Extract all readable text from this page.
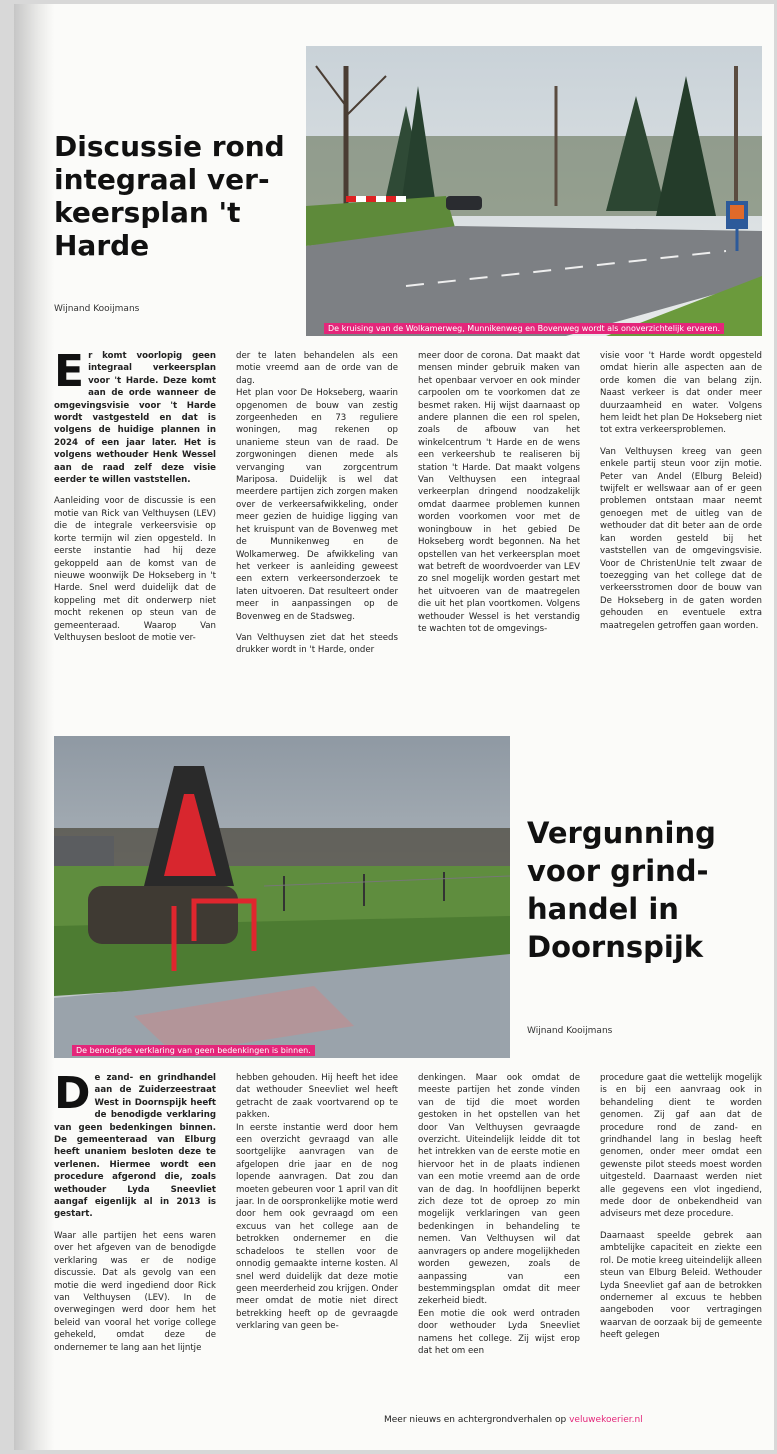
Discussie rond
integraal ver-
keersplan 't
Harde
Wijnand Kooijmans
De kruising van de Wolkamerweg, Munnikenweg en Bovenweg wordt als onoverzichtelijk ervaren.

Er komt voorlopig geen integraal verkeersplan voor 't Harde. Deze komt aan de orde wanneer de omgevingsvisie voor 't Harde wordt vastgesteld en dat is volgens de huidige plannen in 2024 of een jaar later. Het is volgens wethouder Henk Wessel aan de raad zelf deze visie eerder te willen vaststellen.

Aanleiding voor de discussie is een motie van Rick van Velthuysen (LEV) die de integrale verkeersvisie op korte termijn wil zien opgesteld. In eerste instantie had hij deze gekoppeld aan de komst van de nieuwe woonwijk De Hokseberg in 't Harde. Snel werd duidelijk dat de koppeling met dit onderwerp niet mocht rekenen op steun van de gemeenteraad. Waarop Van Velthuysen besloot de motie ver-

der te laten behandelen als een motie vreemd aan de orde van de dag.

Het plan voor De Hokseberg, waarin opgenomen de bouw van zestig zorgeenheden en 73 reguliere woningen, mag rekenen op unanieme steun van de raad. De zorgwoningen dienen mede als vervanging van zorgcentrum Mariposa. Duidelijk is wel dat meerdere partijen zich zorgen maken over de verkeersafwikkeling, onder meer gezien de huidige ligging van het kruispunt van de Bovenweg met de Munnikenweg en de Wolkamerweg. De afwikkeling van het verkeer is aanleiding geweest een extern verkeersonderzoek te laten uitvoeren. Dat resulteert onder meer in aanpassingen op de Bovenweg en de Stadsweg.

Van Velthuysen ziet dat het steeds drukker wordt in 't Harde, onder

meer door de corona. Dat maakt dat mensen minder gebruik maken van het openbaar vervoer en ook minder carpoolen om te voorkomen dat ze besmet raken. Hij wijst daarnaast op andere plannen die een rol spelen, zoals de afbouw van het winkelcentrum 't Harde en de wens een verkeershub te realiseren bij station 't Harde. Dat maakt volgens Van Velthuysen een integraal verkeerplan dringend noodzakelijk omdat daarmee problemen kunnen worden voorkomen voor met de woningbouw in het gebied De Hokseberg wordt begonnen. Na het opstellen van het verkeersplan moet wat betreft de woordvoerder van LEV zo snel mogelijk worden gestart met het uitvoeren van de maatregelen die uit het plan voortkomen. Volgens wethouder Wessel is het verstandig te wachten tot de omgevings-

visie voor 't Harde wordt opgesteld omdat hierin alle aspecten aan de orde komen die van belang zijn. Naast verkeer is dat onder meer duurzaamheid en water. Volgens hem leidt het plan De Hokseberg niet tot extra verkeersproblemen.

Van Velthuysen kreeg van geen enkele partij steun voor zijn motie. Peter van Andel (Elburg Beleid) twijfelt er wellswaar aan of er geen problemen ontstaan maar neemt genoegen met de uitleg van de wethouder dat dit beter aan de orde kan worden gesteld bij het vaststellen van de omgevingsvisie. Voor de ChristenUnie telt zwaar de toezegging van het college dat de verkeersstromen door de bouw van De Hokseberg in de gaten worden gehouden en eventuele extra maatregelen getroffen gaan worden.

De benodigde verklaring van geen bedenkingen is binnen.
Vergunning
voor grind-
handel in
Doornspijk
Wijnand Kooijmans

De zand- en grindhandel aan de Zuiderzeestraat West in Doornspijk heeft de benodigde verklaring van geen bedenkingen binnen. De gemeenteraad van Elburg heeft unaniem besloten deze te verlenen. Hiermee wordt een procedure afgerond die, zoals wethouder Lyda Sneevliet aangaf eigenlijk al in 2013 is gestart.

Waar alle partijen het eens waren over het afgeven van de benodigde verklaring was er de nodige discussie. Dat als gevolg van een motie die werd ingediend door Rick van Velthuysen (LEV). In de overwegingen werd door hem het beleid van vooral het vorige college gehekeld, omdat deze de ondernemer te lang aan het lijntje

hebben gehouden. Hij heeft het idee dat wethouder Sneevliet wel heeft getracht de zaak voortvarend op te pakken.

In eerste instantie werd door hem een overzicht gevraagd van alle soortgelijke aanvragen van de afgelopen drie jaar en de nog lopende aanvragen. Dat zou dan moeten gebeuren voor 1 april van dit jaar. In de oorspronkelijke motie werd door hem ook gevraagd om een excuus van het college aan de betrokken ondernemer en die schadeloos te stellen voor de onnodig gemaakte interne kosten. Al snel werd duidelijk dat deze motie geen meerderheid zou krijgen. Onder meer omdat de motie niet direct betrekking heeft op de gevraagde verklaring van geen be-

denkingen. Maar ook omdat de meeste partijen het zonde vinden van de tijd die moet worden gestoken in het opstellen van het door Van Velthuysen gevraagde overzicht. Uiteindelijk leidde dit tot het intrekken van de eerste motie en hiervoor het in de plaats indienen van een motie vreemd aan de orde van de dag. In hoofdlijnen beperkt zich deze tot de oproep zo min mogelijk verklaringen van geen bedenkingen in behandeling te nemen. Van Velthuysen wil dat aanvragers op andere mogelijkheden worden gewezen, zoals de aanpassing van een bestemmingsplan omdat dit meer zekerheid biedt.

Een motie die ook werd ontraden door wethouder Lyda Sneevliet namens het college. Zij wijst erop dat het om een

procedure gaat die wettelijk mogelijk is en bij een aanvraag ook in behandeling dient te worden genomen. Zij gaf aan dat de procedure rond de zand- en grindhandel lang in beslag heeft genomen, onder meer omdat een gewenste pilot steeds moest worden uitgesteld. Daarnaast werden niet alle gegevens een vlot ingediend, mede door de onbekendheid van adviseurs met deze procedure.

Daarnaast speelde gebrek aan ambtelijke capaciteit en ziekte een rol. De motie kreeg uiteindelijk alleen steun van Elburg Beleid. Wethouder Lyda Sneevliet gaf aan de betrokken ondernemer al excuus te hebben aangeboden voor vertragingen waarvan de oorzaak bij de gemeente heeft gelegen

Meer nieuws en achtergrondverhalen op veluwekoerier.nl
